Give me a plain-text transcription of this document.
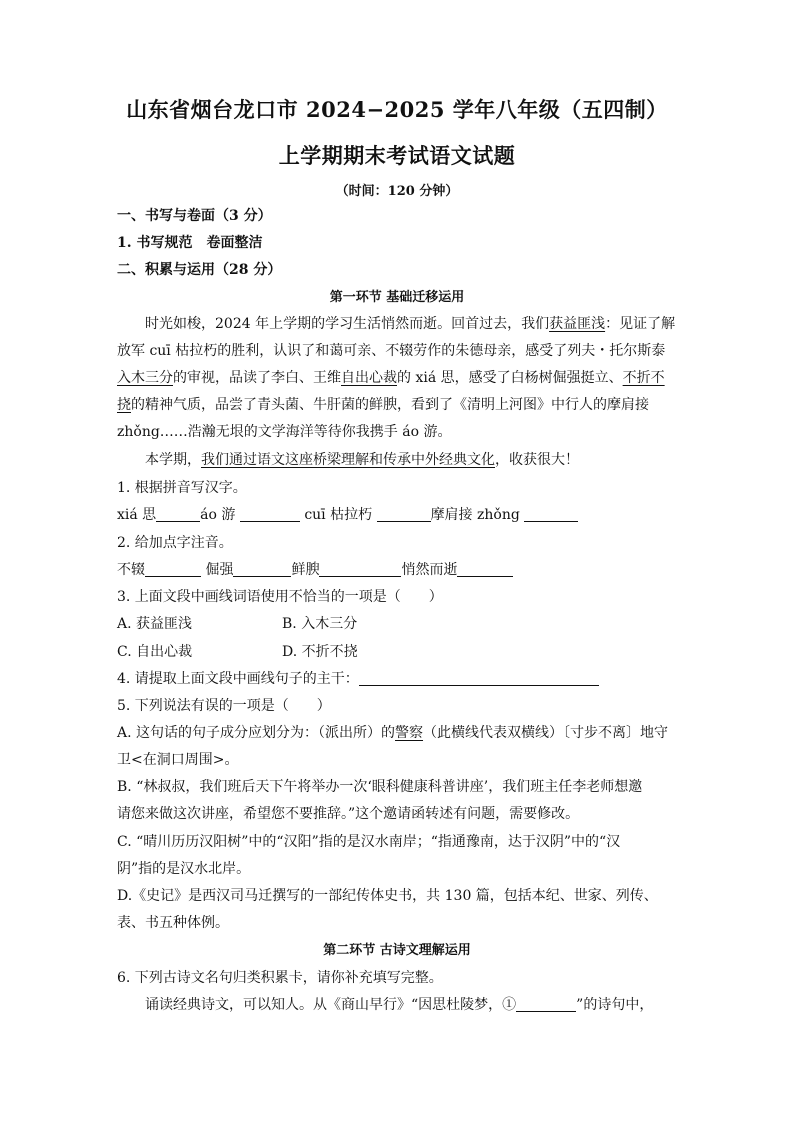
山东省烟台龙口市 2024−2025 学年八年级（五四制）
上学期期末考试语文试题
（时间：120 分钟）
一、书写与卷面（3 分）
1. 书写规范　卷面整洁
二、积累与运用（28 分）
第一环节 基础迁移运用
时光如梭，2024 年上学期的学习生活悄然而逝。回首过去，我们获益匪浅：见证了解
放军 cuī 枯拉朽的胜利，认识了和蔼可亲、不辍劳作的朱德母亲，感受了列夫・托尔斯泰
入木三分的审视，品读了李白、王维自出心裁的 xiá 思，感受了白杨树倔强挺立、不折不
挠的精神气质，品尝了青头菌、牛肝菌的鲜腴，看到了《清明上河图》中行人的摩肩接
zhǒng……浩瀚无垠的文学海洋等待你我携手 áo 游。
本学期，我们通过语文这座桥梁理解和传承中外经典文化，收获很大！
1. 根据拼音写汉字。
xiá 思	áo 游	cuī 枯拉朽	摩肩接 zhǒng
2. 给加点字注音。
不辍	倔强	鲜腴	悄然而逝
3. 上面文段中画线词语使用不恰当的一项是（　　）
A. 获益匪浅	B. 入木三分
C. 自出心裁	D. 不折不挠
4. 请提取上面文段中画线句子的主干：
5. 下列说法有误的一项是（　　）
A. 这句话的句子成分应划分为：（派出所）的警察（此横线代表双横线）〔寸步不离〕地守
卫<在洞口周围>。
B. “林叔叔，我们班后天下午将举办一次‘眼科健康科普讲座’，我们班主任李老师想邀
请您来做这次讲座，希望您不要推辞。”这个邀请函转述有问题，需要修改。
C. “晴川历历汉阳树”中的“汉阳”指的是汉水南岸；“指通豫南，达于汉阴”中的“汉
阴”指的是汉水北岸。
D.《史记》是西汉司马迁撰写的一部纪传体史书，共 130 篇，包括本纪、世家、列传、
表、书五种体例。
第二环节 古诗文理解运用
6. 下列古诗文名句归类积累卡，请你补充填写完整。
诵读经典诗文，可以知人。从《商山早行》“因思杜陵梦，①	”的诗句中，
